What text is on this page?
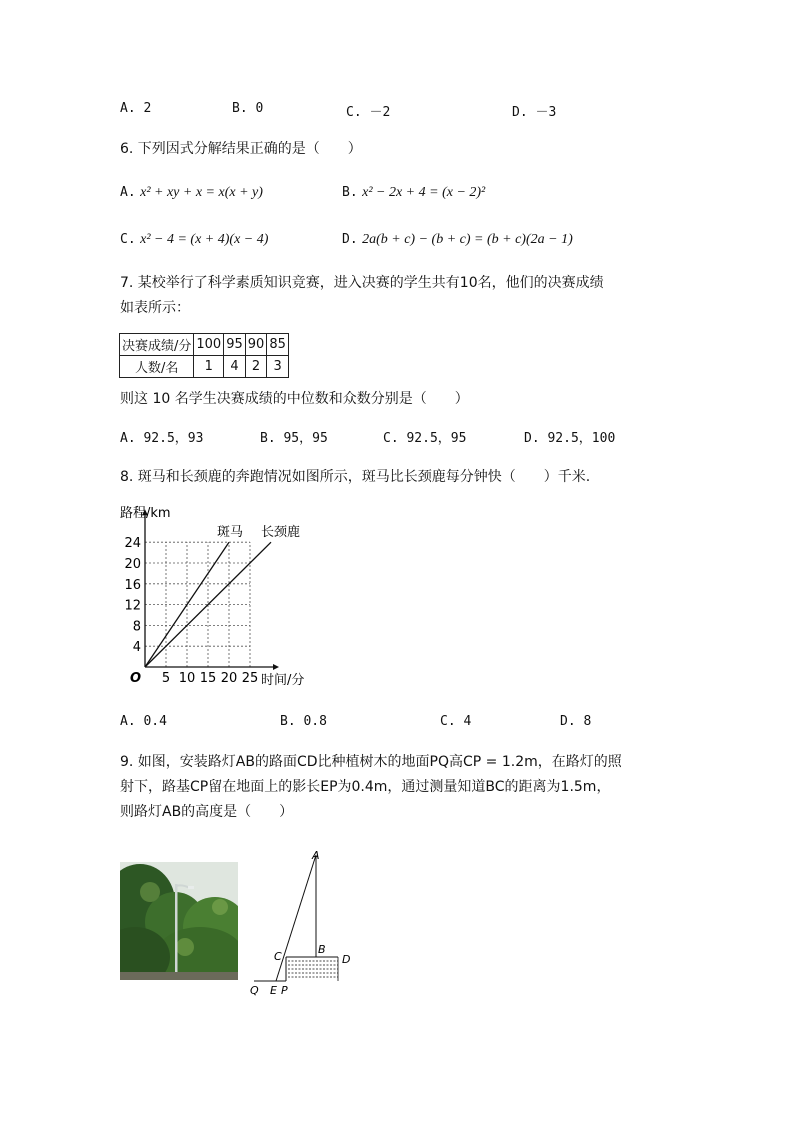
A. 2	B. 0	C. －2	D. －3
6. 下列因式分解结果正确的是（　　）
A. x² + xy + x = x(x + y)	B. x² − 2x + 4 = (x − 2)²
C. x² − 4 = (x + 4)(x − 4)	D. 2a(b + c) − (b + c) = (b + c)(2a − 1)
7. 某校举行了科学素质知识竞赛，进入决赛的学生共有10名，他们的决赛成绩
如表所示：
决赛成绩/分	100	95	90	85
人数/名	1	4	2	3
则这 10 名学生决赛成绩的中位数和众数分别是（　　）
A. 92.5，93	B. 95，95	C. 92.5，95	D. 92.5，100
8. 斑马和长颈鹿的奔跑情况如图所示，斑马比长颈鹿每分钟快（　　）千米.
5 10 15 20 25
4
8
12
16
20
24
斑马 长颈鹿
路程/km
时间/分
O
A. 0.4	B. 0.8	C. 4	D. 8
9. 如图，安装路灯AB的路面CD比种植树木的地面PQ高CP = 1.2m，在路灯的照
射下，路基CP留在地面上的影长EP为0.4m，通过测量知道BC的距离为1.5m，
则路灯AB的高度是（　　）
A
B
C	D
Q E P
